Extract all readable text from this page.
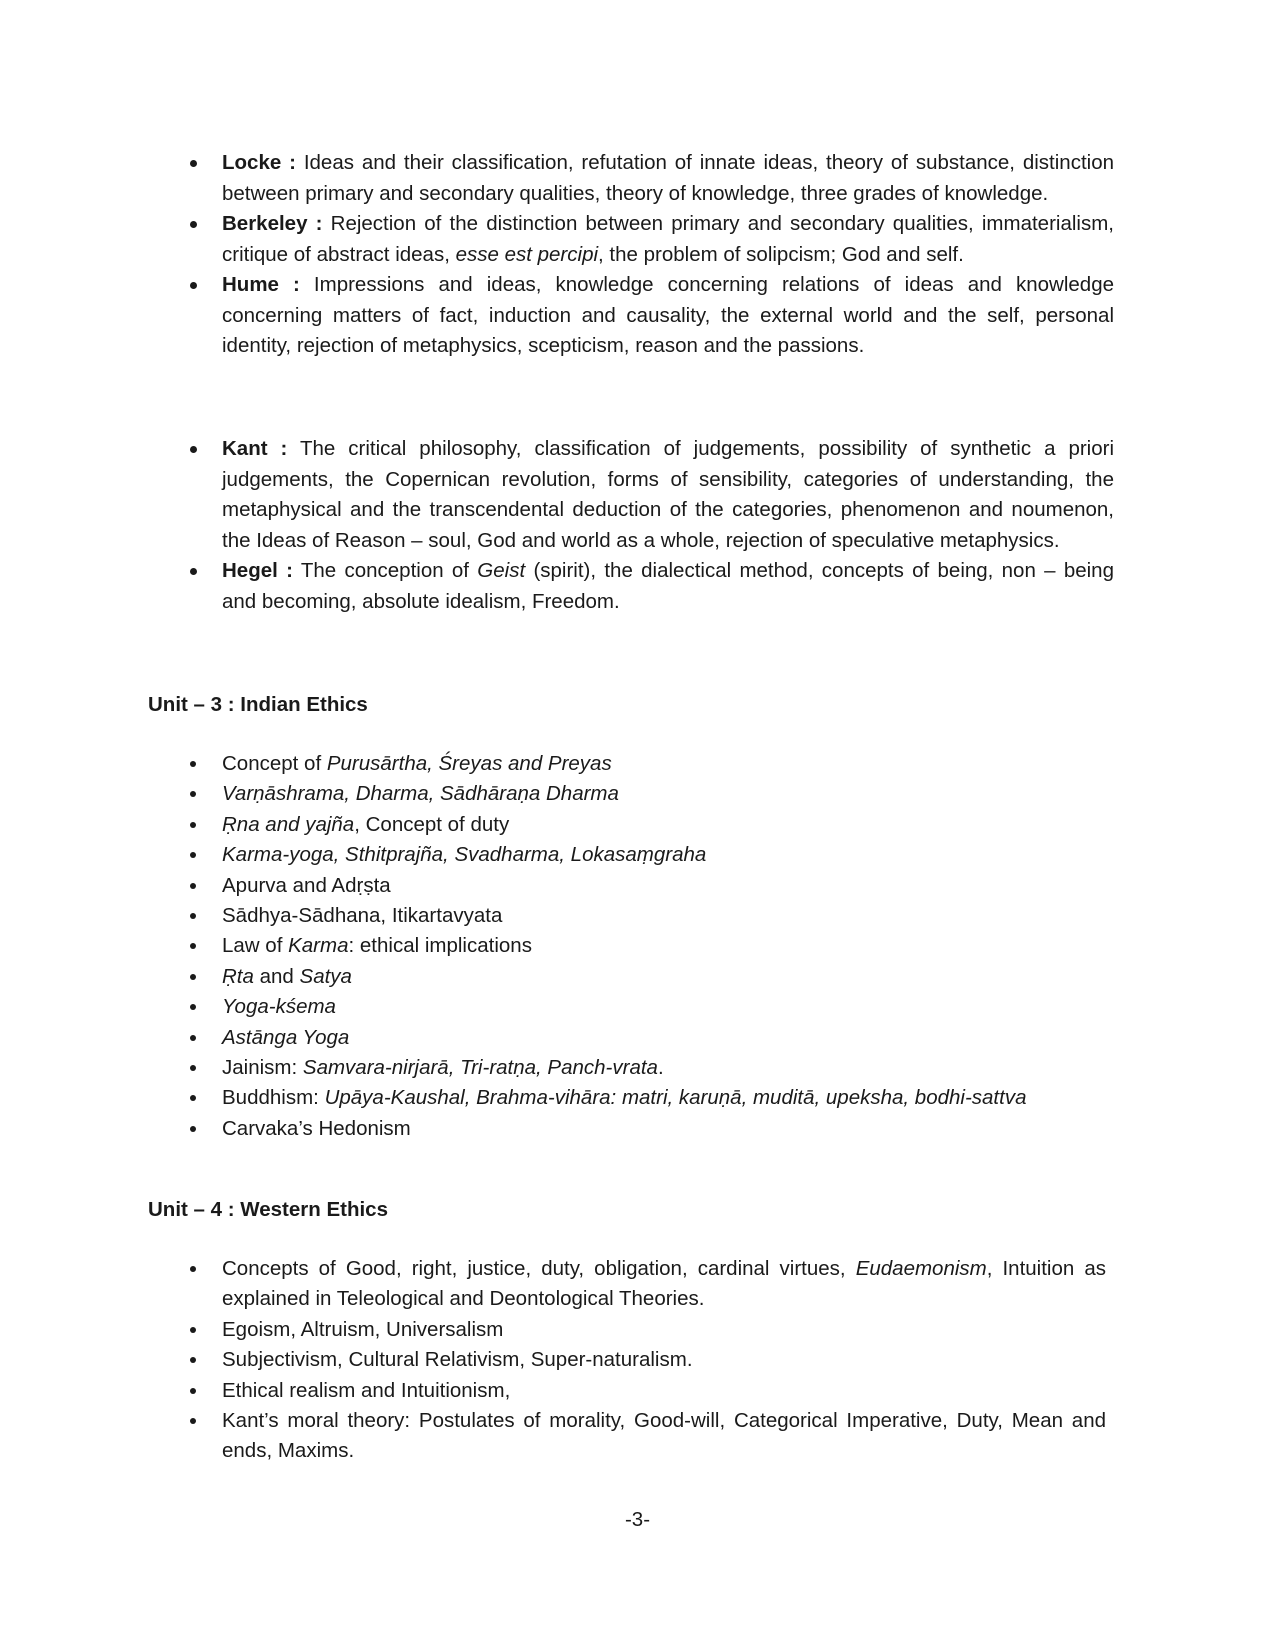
Locke : Ideas and their classification, refutation of innate ideas, theory of substance, distinction between primary and secondary qualities, theory of knowledge, three grades of knowledge.
Berkeley : Rejection of the distinction between primary and secondary qualities, immaterialism, critique of abstract ideas, esse est percipi, the problem of solipcism; God and self.
Hume : Impressions and ideas, knowledge concerning relations of ideas and knowledge concerning matters of fact, induction and causality, the external world and the self, personal identity, rejection of metaphysics, scepticism, reason and the passions.
Kant : The critical philosophy, classification of judgements, possibility of synthetic a priori judgements, the Copernican revolution, forms of sensibility, categories of understanding, the metaphysical and the transcendental deduction of the categories, phenomenon and noumenon, the Ideas of Reason – soul, God and world as a whole, rejection of speculative metaphysics.
Hegel : The conception of Geist (spirit), the dialectical method, concepts of being, non – being and becoming, absolute idealism, Freedom.
Unit – 3 : Indian Ethics
Concept of Purusārtha, Śreyas and Preyas
Varṇāshrama, Dharma, Sādhāraṇa Dharma
Ṛna and yajña, Concept of duty
Karma-yoga, Sthitprajña, Svadharma, Lokasaṃgraha
Apurva and Adṛṣta
Sādhya-Sādhana, Itikartavyata
Law of Karma: ethical implications
Ṛta and Satya
Yoga-kśema
Astānga Yoga
Jainism: Samvara-nirjarā, Tri-ratṇa, Panch-vrata.
Buddhism: Upāya-Kaushal, Brahma-vihāra: matri, karuṇā, muditā, upeksha, bodhi-sattva
Carvaka’s Hedonism
Unit – 4 : Western Ethics
Concepts of Good, right, justice, duty, obligation, cardinal virtues, Eudaemonism, Intuition as explained in Teleological and Deontological Theories.
Egoism, Altruism, Universalism
Subjectivism, Cultural Relativism, Super-naturalism.
Ethical realism and Intuitionism,
Kant’s moral theory: Postulates of morality, Good-will, Categorical Imperative, Duty, Mean and ends, Maxims.
-3-
